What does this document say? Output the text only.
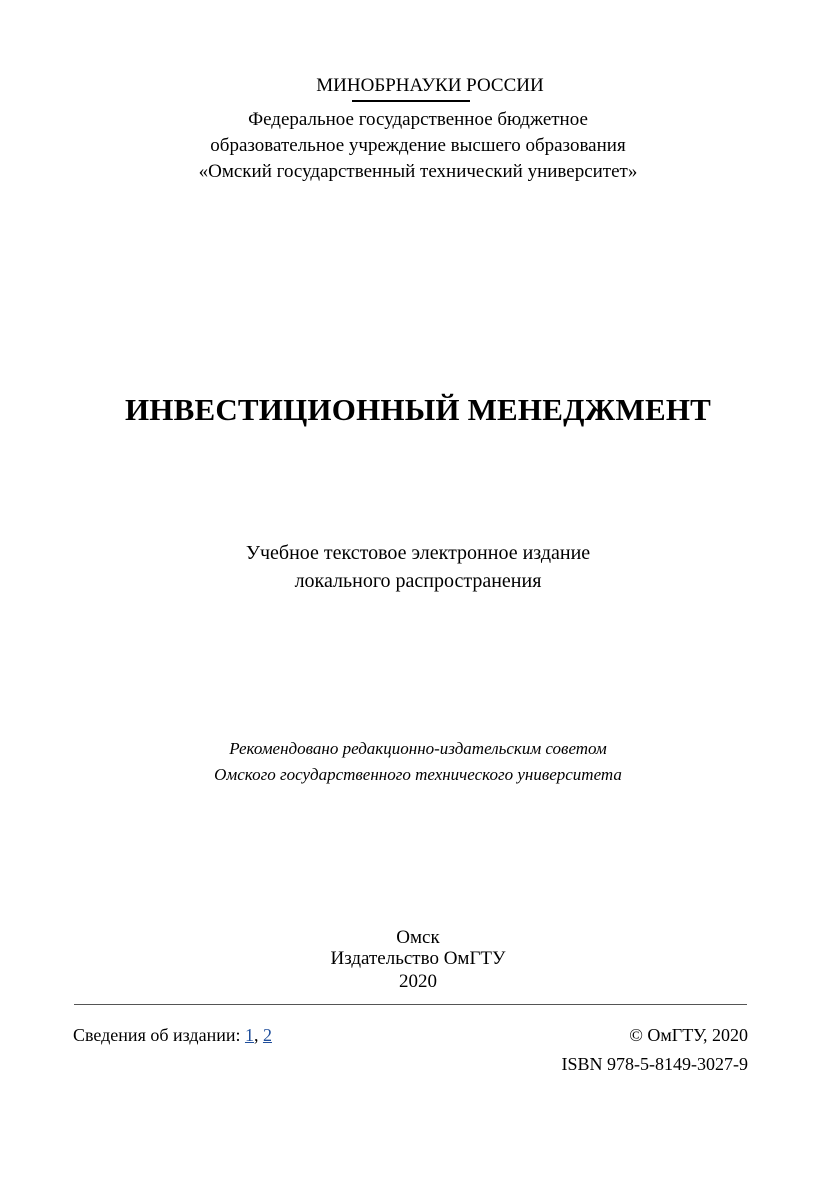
МИНОБРНАУКИ РОССИИ
Федеральное государственное бюджетное
образовательное учреждение высшего образования
«Омский государственный технический университет»
ИНВЕСТИЦИОННЫЙ МЕНЕДЖМЕНТ
Учебное текстовое электронное издание
локального распространения
Рекомендовано редакционно-издательским советом
Омского государственного технического университета
Омск
Издательство ОмГТУ
2020
Сведения об издании: 1, 2	© ОмГТУ, 2020
ISBN 978-5-8149-3027-9
